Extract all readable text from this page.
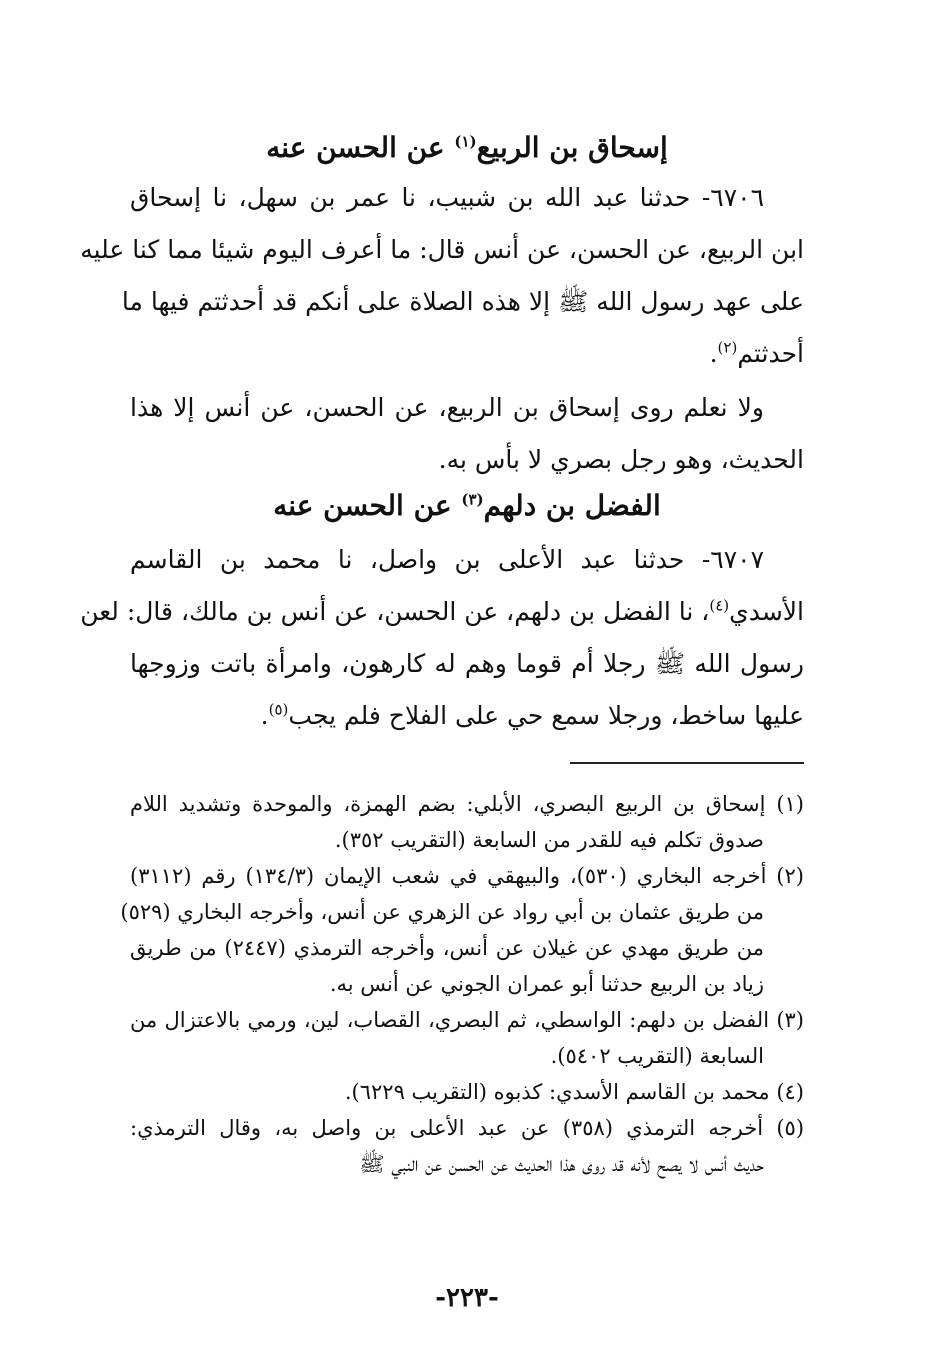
إسحاق بن الربيع$^{(١)}$ عن الحسن عنه
٦٧٠٦- حدثنا عبد الله بن شبيب، نا عمر بن سهل، نا إسحاق
ابن الربيع، عن الحسن، عن أنس قال: ما أعرف اليوم شيئا مما كنا عليه
على عهد رسول الله ﷺ إلا هذه الصلاة على أنكم قد أحدثتم فيها ما
أحدثتم$^{(٢)}$.
ولا نعلم روى إسحاق بن الربيع، عن الحسن، عن أنس إلا هذا
الحديث، وهو رجل بصري لا بأس به.
الفضل بن دلهم$^{(٣)}$ عن الحسن عنه
٦٧٠٧- حدثنا عبد الأعلى بن واصل، نا محمد بن القاسم
الأسدي$^{(٤)}$، نا الفضل بن دلهم، عن الحسن، عن أنس بن مالك، قال: لعن
رسول الله ﷺ رجلا أم قوما وهم له كارهون، وامرأة باتت وزوجها
عليها ساخط، ورجلا سمع حي على الفلاح فلم يجب$^{(٥)}$.
(١) إسحاق بن الربيع البصري، الأبلي: بضم الهمزة، والموحدة وتشديد اللام
صدوق تكلم فيه للقدر من السابعة (التقريب ٣٥٢).
(٢) أخرجه البخاري (٥٣٠)، والبيهقي في شعب الإيمان (١٣٤/٣) رقم (٣١١٢)
من طريق عثمان بن أبي رواد عن الزهري عن أنس، وأخرجه البخاري (٥٢٩)
من طريق مهدي عن غيلان عن أنس، وأخرجه الترمذي (٢٤٤٧) من طريق
زياد بن الربيع حدثنا أبو عمران الجوني عن أنس به.
(٣) الفضل بن دلهم: الواسطي، ثم البصري، القصاب، لين، ورمي بالاعتزال من
السابعة (التقريب ٥٤٠٢).
(٤) محمد بن القاسم الأسدي: كذبوه (التقريب ٦٢٢٩).
(٥) أخرجه الترمذي (٣٥٨) عن عبد الأعلى بن واصل به، وقال الترمذي:
حديث أنس لا يصح لأنه قد روى هذا الحديث عن الحسن عن النبي ﷺ
-٢٢٣-
